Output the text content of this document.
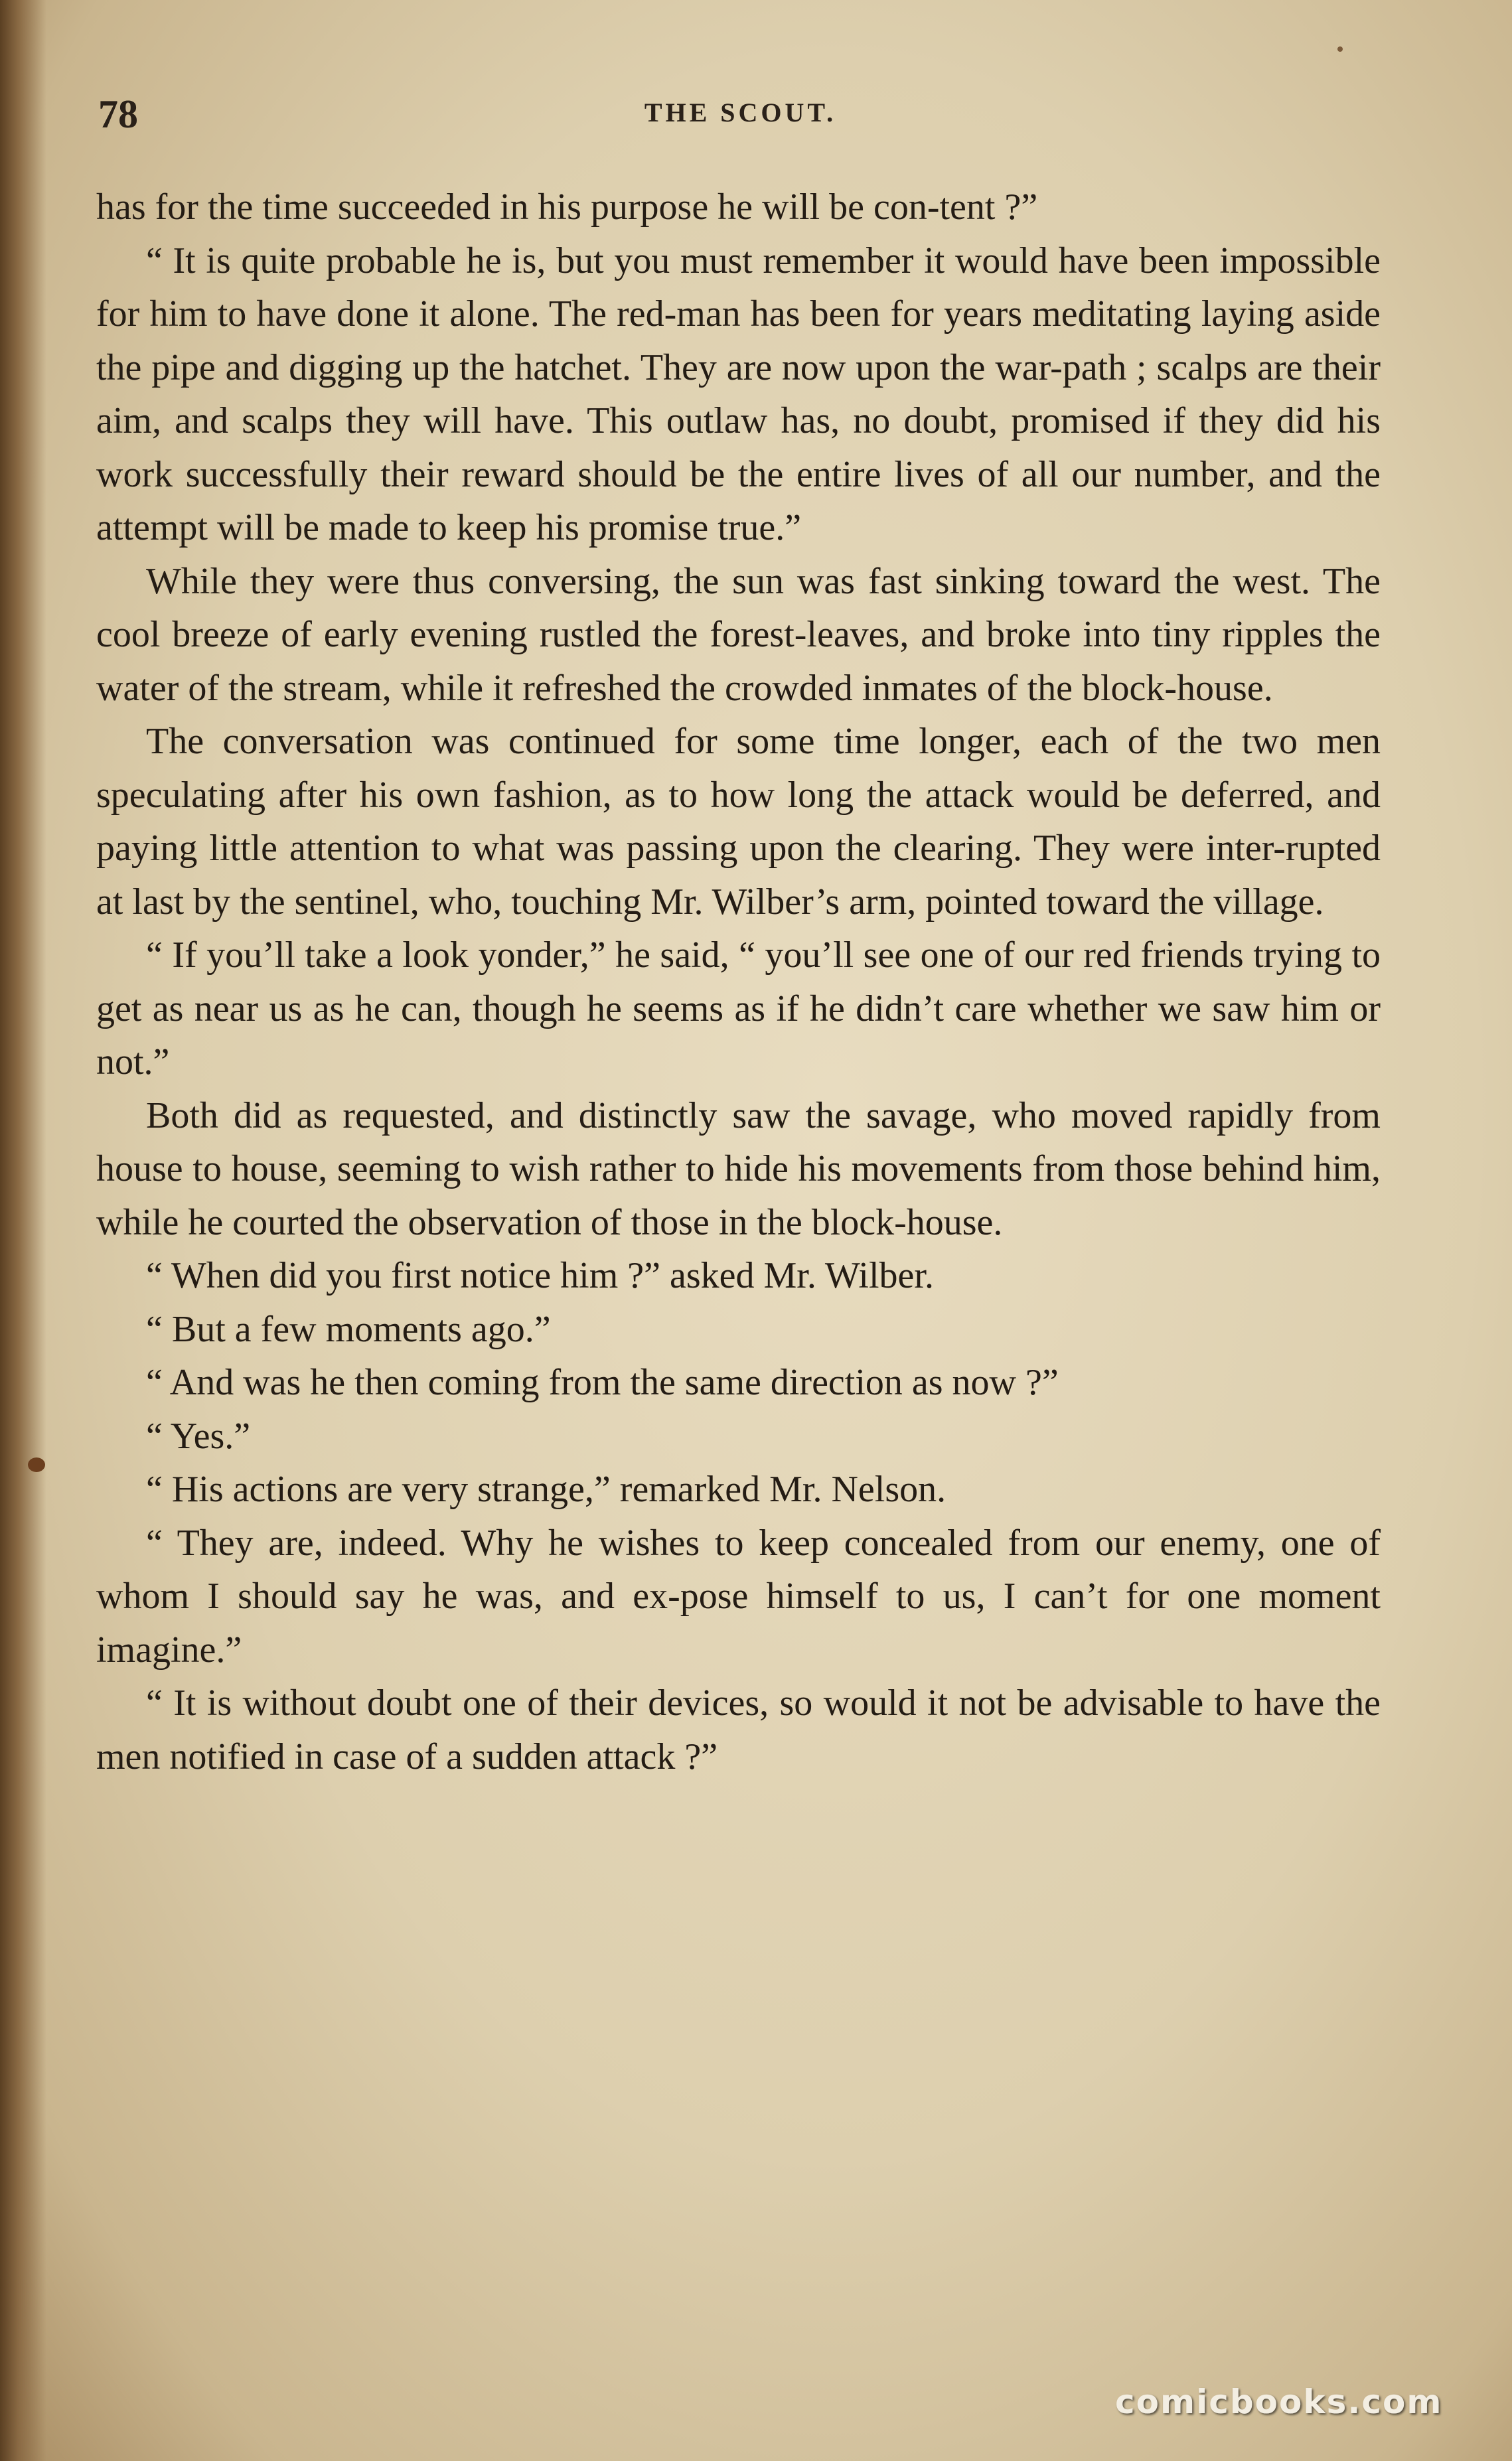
78	THE SCOUT.

has for the time succeeded in his purpose he will be con-tent ?”

“ It is quite probable he is, but you must remember it would have been impossible for him to have done it alone. The red-man has been for years meditating laying aside the pipe and digging up the hatchet. They are now upon the war-path ; scalps are their aim, and scalps they will have. This outlaw has, no doubt, promised if they did his work successfully their reward should be the entire lives of all our number, and the attempt will be made to keep his promise true.”

While they were thus conversing, the sun was fast sinking toward the west. The cool breeze of early evening rustled the forest-leaves, and broke into tiny ripples the water of the stream, while it refreshed the crowded inmates of the block-house.

The conversation was continued for some time longer, each of the two men speculating after his own fashion, as to how long the attack would be deferred, and paying little attention to what was passing upon the clearing. They were inter-rupted at last by the sentinel, who, touching Mr. Wilber’s arm, pointed toward the village.

“ If you’ll take a look yonder,” he said, “ you’ll see one of our red friends trying to get as near us as he can, though he seems as if he didn’t care whether we saw him or not.”

Both did as requested, and distinctly saw the savage, who moved rapidly from house to house, seeming to wish rather to hide his movements from those behind him, while he courted the observation of those in the block-house.

“ When did you first notice him ?” asked Mr. Wilber.

“ But a few moments ago.”

“ And was he then coming from the same direction as now ?”

“ Yes.”

“ His actions are very strange,” remarked Mr. Nelson.

“ They are, indeed. Why he wishes to keep concealed from our enemy, one of whom I should say he was, and ex-pose himself to us, I can’t for one moment imagine.”

“ It is without doubt one of their devices, so would it not be advisable to have the men notified in case of a sudden attack ?”

comicbooks.com
